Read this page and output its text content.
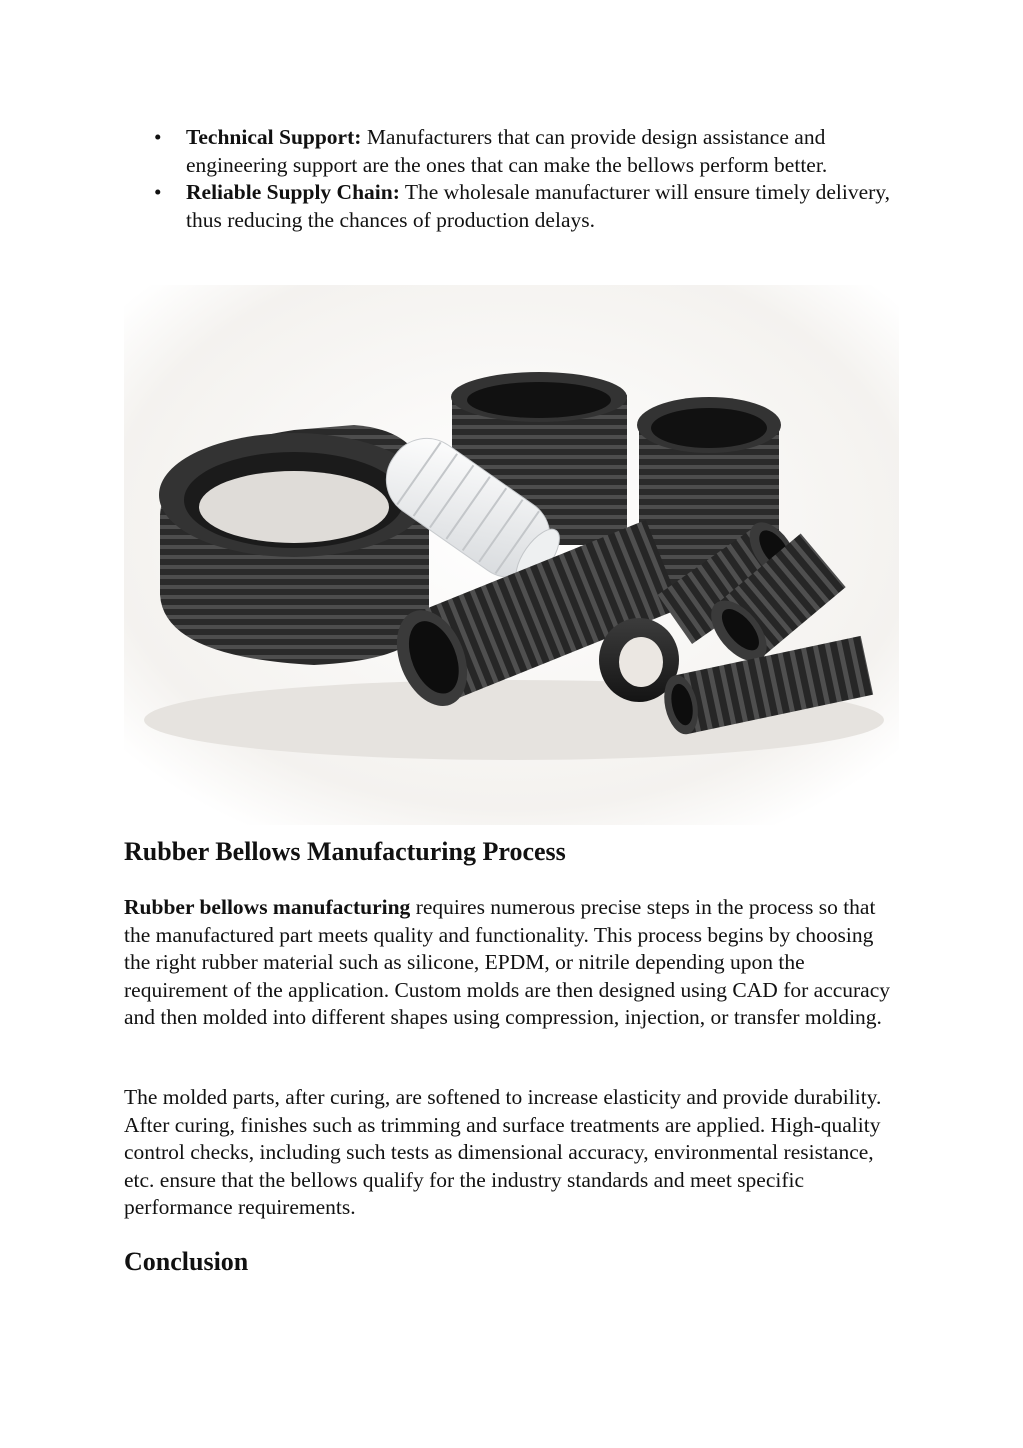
• Technical Support: Manufacturers that can provide design assistance and engineering support are the ones that can make the bellows perform better.
• Reliable Supply Chain: The wholesale manufacturer will ensure timely delivery, thus reducing the chances of production delays.
Rubber Bellows Manufacturing Process

Rubber bellows manufacturing requires numerous precise steps in the process so that the manufactured part meets quality and functionality. This process begins by choosing the right rubber material such as silicone, EPDM, or nitrile depending upon the requirement of the application. Custom molds are then designed using CAD for accuracy and then molded into different shapes using compression, injection, or transfer molding.

The molded parts, after curing, are softened to increase elasticity and provide durability. After curing, finishes such as trimming and surface treatments are applied. High-quality control checks, including such tests as dimensional accuracy, environmental resistance, etc. ensure that the bellows qualify for the industry standards and meet specific performance requirements.

Conclusion
